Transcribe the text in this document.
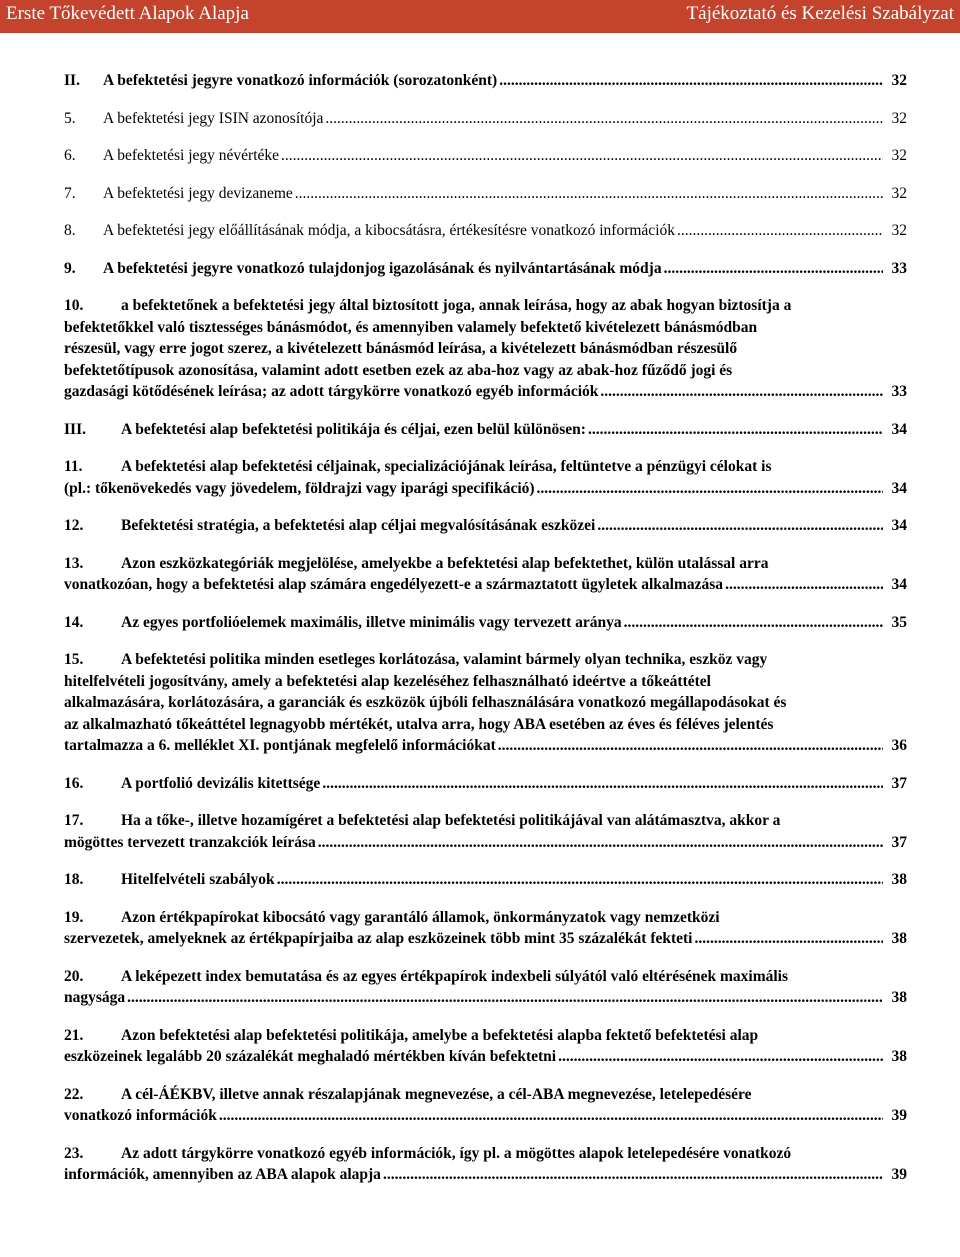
Erste Tőkevédett Alapok Alapja	Tájékoztató és Kezelési Szabályzat
II.	A befektetési jegyre vonatkozó információk (sorozatonként) .....	32
5.	A befektetési jegy ISIN azonosítója .....	32
6.	A befektetési jegy névértéke .....	32
7.	A befektetési jegy devizaneme .....	32
8.	A befektetési jegy előállításának módja, a kibocsátásra, értékesítésre vonatkozó információk .....	32
9.	A befektetési jegyre vonatkozó tulajdonjog igazolásának és nyilvántartásának módja .....	33
10. a befektetőnek a befektetési jegy által biztosított joga, annak leírása, hogy az abak hogyan biztosítja a
befektetőkkel való tisztességes bánásmódot, és amennyiben valamely befektető kivételezett bánásmódban
részesül, vagy erre jogot szerez, a kivételezett bánásmód leírása, a kivételezett bánásmódban részesülő
befektetőtípusok azonosítása, valamint adott esetben ezek az aba-hoz vagy az abak-hoz fűződő jogi és
gazdasági kötődésének leírása; az adott tárgykörre vonatkozó egyéb információk .....	33
III.	A befektetési alap befektetési politikája és céljai, ezen belül különösen: .....	34
11. A befektetési alap befektetési céljainak, specializációjának leírása, feltüntetve a pénzügyi célokat is
(pl.: tőkenövekedés vagy jövedelem, földrajzi vagy iparági specifikáció) .....	34
12.	Befektetési stratégia, a befektetési alap céljai megvalósításának eszközei .....	34
13. Azon eszközkategóriák megjelölése, amelyekbe a befektetési alap befektethet, külön utalással arra
vonatkozóan, hogy a befektetési alap számára engedélyezett-e a származtatott ügyletek alkalmazása .....	34
14.	Az egyes portfolióelemek maximális, illetve minimális vagy tervezett aránya .....	35
15. A befektetési politika minden esetleges korlátozása, valamint bármely olyan technika, eszköz vagy
hitelfelvételi jogosítvány, amely a befektetési alap kezeléséhez felhasználható ideértve a tőkeáttétel
alkalmazására, korlátozására, a garanciák és eszközök újbóli felhasználására vonatkozó megállapodásokat és
az alkalmazható tőkeáttétel legnagyobb mértékét, utalva arra, hogy ABA esetében az éves és féléves jelentés
tartalmazza a 6. melléklet XI. pontjának megfelelő információkat .....	36
16.	A portfolió devizális kitettsége .....	37
17. Ha a tőke-, illetve hozamígéret a befektetési alap befektetési politikájával van alátámasztva, akkor a
mögöttes tervezett tranzakciók leírása .....	37
18.	Hitelfelvételi szabályok .....	38
19. Azon értékpapírokat kibocsátó vagy garantáló államok, önkormányzatok vagy nemzetközi
szervezetek, amelyeknek az értékpapírjaiba az alap eszközeinek több mint 35 százalékát fekteti .....	38
20. A leképezett index bemutatása és az egyes értékpapírok indexbeli súlyától való eltérésének maximális
nagysága .....	38
21. Azon befektetési alap befektetési politikája, amelybe a befektetési alapba fektető befektetési alap
eszközeinek legalább 20 százalékát meghaladó mértékben kíván befektetni .....	38
22. A cél-ÁÉKBV, illetve annak részalapjának megnevezése, a cél-ABA megnevezése, letelepedésére
vonatkozó információk .....	39
23. Az adott tárgykörre vonatkozó egyéb információk, így pl. a mögöttes alapok letelepedésére vonatkozó
információk, amennyiben az ABA alapok alapja .....	39
